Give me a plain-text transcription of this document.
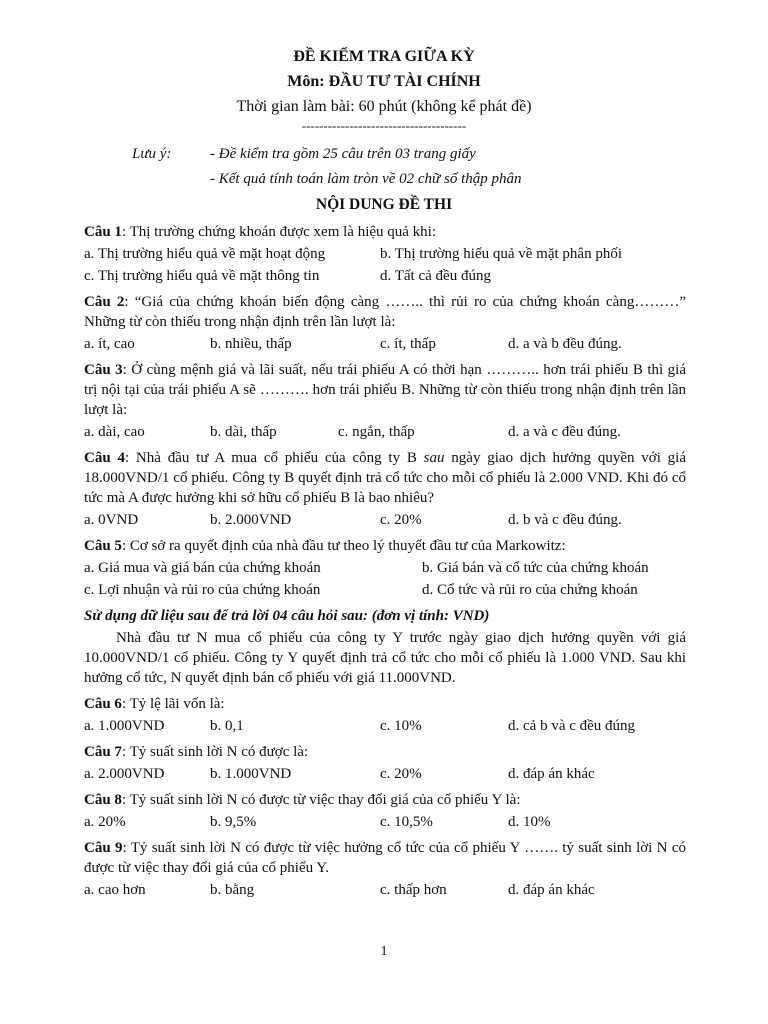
ĐỀ KIỂM TRA GIỮA KỲ
Môn: ĐẦU TƯ TÀI CHÍNH
Thời gian làm bài: 60 phút (không kể phát đề)
--------------------------------------
Lưu ý:	- Đề kiểm tra gồm 25 câu trên 03 trang giấy
- Kết quả tính toán làm tròn về 02 chữ số thập phân
NỘI DUNG ĐỀ THI
Câu 1: Thị trường chứng khoán được xem là hiệu quả khi:
a. Thị trường hiểu quả về mặt hoạt động	b. Thị trường hiểu quả về mặt phân phối
c. Thị trường hiểu quả về mặt thông tin	d. Tất cả đều đúng
Câu 2: “Giá của chứng khoán biến động càng …….. thì rủi ro của chứng khoán càng………” Những từ còn thiếu trong nhận định trên lần lượt là:
a. ít, cao	b. nhiều, thấp	c. ít, thấp	d. a và b đều đúng.
Câu 3: Ở cùng mệnh giá và lãi suất, nếu trái phiếu A có thời hạn ……….. hơn trái phiếu B thì giá trị nội tại của trái phiếu A sẽ ………. hơn trái phiếu B. Những từ còn thiếu trong nhận định trên lần lượt là:
a. dài, cao	b. dài, thấp	c. ngắn, thấp	d. a và c đều đúng.
Câu 4: Nhà đầu tư A mua cổ phiếu của công ty B sau ngày giao dịch hưởng quyền với giá 18.000VND/1 cổ phiếu. Công ty B quyết định trả cổ tức cho mỗi cổ phiếu là 2.000 VND. Khi đó cổ tức mà A được hưởng khi sở hữu cổ phiếu B là bao nhiêu?
a. 0VND	b. 2.000VND	c. 20%	d. b và c đều đúng.
Câu 5: Cơ sở ra quyết định của nhà đầu tư theo lý thuyết đầu tư của Markowitz:
a. Giá mua và giá bán của chứng khoán	b. Giá bán và cổ tức của chứng khoán
c. Lợi nhuận và rủi ro của chứng khoán	d. Cổ tức và rủi ro của chứng khoán
Sử dụng dữ liệu sau để trả lời 04 câu hỏi sau: (đơn vị tính: VND)
Nhà đầu tư N mua cổ phiếu của công ty Y trước ngày giao dịch hưởng quyền với giá 10.000VND/1 cổ phiếu. Công ty Y quyết định trả cổ tức cho mỗi cổ phiếu là 1.000 VND. Sau khi hưởng cổ tức, N quyết định bán cổ phiếu với giá 11.000VND.
Câu 6: Tỷ lệ lãi vốn là:
a. 1.000VND	b. 0,1	c. 10%	d. cả b và c đều đúng
Câu 7: Tỷ suất sinh lời N có được là:
a. 2.000VND	b. 1.000VND	c. 20%	d. đáp án khác
Câu 8: Tỷ suất sinh lời N có được từ việc thay đổi giá của cổ phiếu Y là:
a. 20%	b. 9,5%	c. 10,5%	d. 10%
Câu 9: Tỷ suất sinh lời N có được từ việc hưởng cổ tức của cổ phiếu Y ……. tỷ suất sinh lời N có được từ việc thay đổi giá của cổ phiếu Y.
a. cao hơn	b. bằng	c. thấp hơn	d. đáp án khác
1
